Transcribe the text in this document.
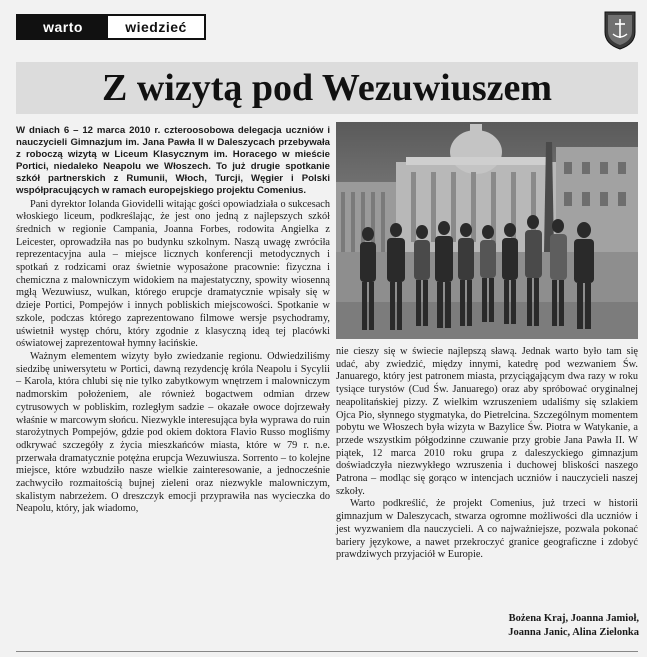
warto	wiedzieć
Z wizytą pod Wezuwiuszem

W dniach 6 – 12 marca 2010 r. czteroosobowa delegacja uczniów i nauczycieli Gimnazjum im. Jana Pawła II w Daleszycach przebywała z roboczą wizytą w Liceum Klasycznym im. Horacego w mieście Portici, niedaleko Neapolu we Włoszech. To już drugie spotkanie szkół partnerskich z Rumunii, Włoch, Turcji, Węgier i Polski współpracujących w ramach europejskiego projektu Comenius.

Pani dyrektor Iolanda Giovidelli witając gości opowiadziała o sukcesach włoskiego liceum, podkreślając, że jest ono jedną z najlepszych szkół średnich w regionie Campania, Joanna Forbes, rodowita Angielka z Leicester, oprowadziła nas po budynku szkolnym. Naszą uwagę zwróciła reprezentacyjna aula – miejsce licznych konferencji metodycznych i spotkań z rodzicami oraz świetnie wyposażone pracownie: fizyczna i chemiczna z malowniczym widokiem na majestatyczny, spowity wiosenną mgłą Wezuwiusz, wulkan, którego erupcje dramatycznie wpisały się w dzieje Portici, Pompejów i innych pobliskich miejscowości. Spotkanie w szkole, podczas którego zaprezentowano filmowe wersje psychodramy, uświetnił występ chóru, który zgodnie z klasyczną ideą tej placówki oświatowej zaprezentował hymny łacińskie.

Ważnym elementem wizyty było zwiedzanie regionu. Odwiedziliśmy siedzibę uniwersytetu w Portici, dawną rezydencję króla Neapolu i Sycylii – Karola, która chlubi się nie tylko zabytkowym wnętrzem i malowniczym nadmorskim położeniem, ale również bogactwem odmian drzew cytrusowych w pobliskim, rozległym sadzie – okazałe owoce dojrzewały właśnie w marcowym słońcu. Niezwykle interesująca była wyprawa do ruin starożytnych Pompejów, gdzie pod okiem doktora Flavio Russo mogliśmy odkrywać szczegóły z życia mieszkańców miasta, które w 79 r. n.e. przerwała dramatycznie potężna erupcja Wezuwiusza. Sorrento – to kolejne miejsce, które wzbudziło nasze wielkie zainteresowanie, a jednocześnie zachwyciło rozmaitością bujnej zieleni oraz niezwykle malowniczym, skalistym nabrzeżem. O dreszczyk emocji przyprawiła nas wycieczka do Neapolu, który, jak wiadomo,

nie cieszy się w świecie najlepszą sławą. Jednak warto było tam się udać, aby zwiedzić, między innymi, katedrę pod wezwaniem Św. Januarego, który jest patronem miasta, przyciągającym dwa razy w roku tysiące turystów (Cud Św. Januarego) oraz aby spróbować oryginalnej neapolitańskiej pizzy. Z wielkim wzruszeniem udaliśmy się szlakiem Ojca Pio, słynnego stygmatyka, do Pietrelcina. Szczególnym momentem pobytu we Włoszech była wizyta w Bazylice Św. Piotra w Watykanie, a przede wszystkim półgodzinne czuwanie przy grobie Jana Pawła II. W piątek, 12 marca 2010 roku grupa z daleszyckiego gimnazjum doświadczyła niezwykłego wzruszenia i duchowej bliskości naszego Patrona – modląc się gorąco w intencjach uczniów i nauczycieli naszej szkoły.

Warto podkreślić, że projekt Comenius, już trzeci w historii gimnazjum w Daleszycach, stwarza ogromne możliwości dla uczniów i jest wyzwaniem dla nauczycieli. A co najważniejsze, pozwala pokonać bariery językowe, a nawet przekroczyć granice geograficzne i zdobyć prawdziwych przyjaciół w Europie.

Bożena Kraj, Joanna Jamioł,
Joanna Janic, Alina Zielonka
